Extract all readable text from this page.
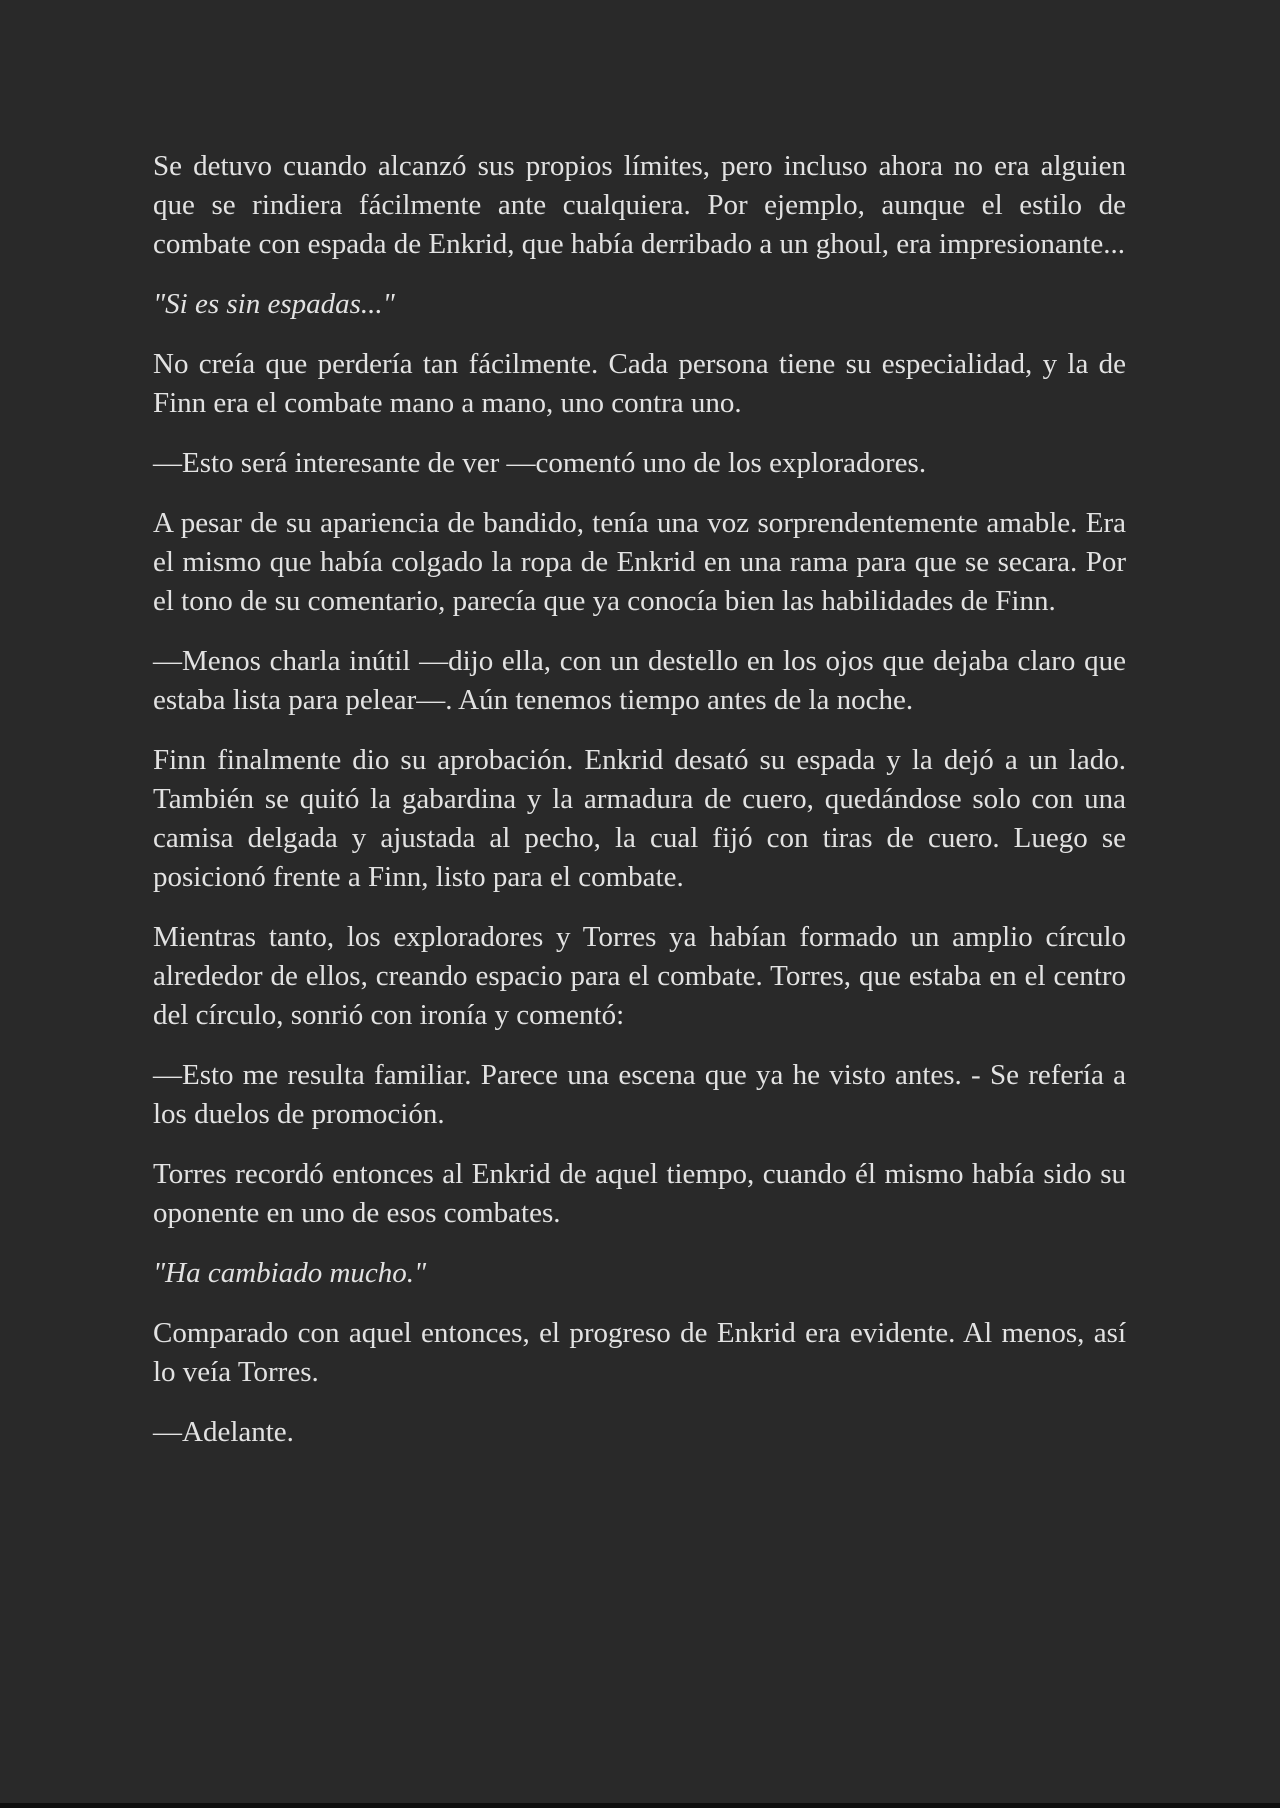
Se detuvo cuando alcanzó sus propios límites, pero incluso ahora no era alguien que se rindiera fácilmente ante cualquiera. Por ejemplo, aunque el estilo de combate con espada de Enkrid, que había derribado a un ghoul, era impresionante...

"Si es sin espadas..."

No creía que perdería tan fácilmente. Cada persona tiene su especialidad, y la de Finn era el combate mano a mano, uno contra uno.

—Esto será interesante de ver —comentó uno de los exploradores.

A pesar de su apariencia de bandido, tenía una voz sorprendentemente amable. Era el mismo que había colgado la ropa de Enkrid en una rama para que se secara. Por el tono de su comentario, parecía que ya conocía bien las habilidades de Finn.

—Menos charla inútil —dijo ella, con un destello en los ojos que dejaba claro que estaba lista para pelear—. Aún tenemos tiempo antes de la noche.

Finn finalmente dio su aprobación. Enkrid desató su espada y la dejó a un lado. También se quitó la gabardina y la armadura de cuero, quedándose solo con una camisa delgada y ajustada al pecho, la cual fijó con tiras de cuero. Luego se posicionó frente a Finn, listo para el combate.

Mientras tanto, los exploradores y Torres ya habían formado un amplio círculo alrededor de ellos, creando espacio para el combate. Torres, que estaba en el centro del círculo, sonrió con ironía y comentó:

—Esto me resulta familiar. Parece una escena que ya he visto antes. - Se refería a los duelos de promoción.

Torres recordó entonces al Enkrid de aquel tiempo, cuando él mismo había sido su oponente en uno de esos combates.

"Ha cambiado mucho."

Comparado con aquel entonces, el progreso de Enkrid era evidente. Al menos, así lo veía Torres.

—Adelante.
